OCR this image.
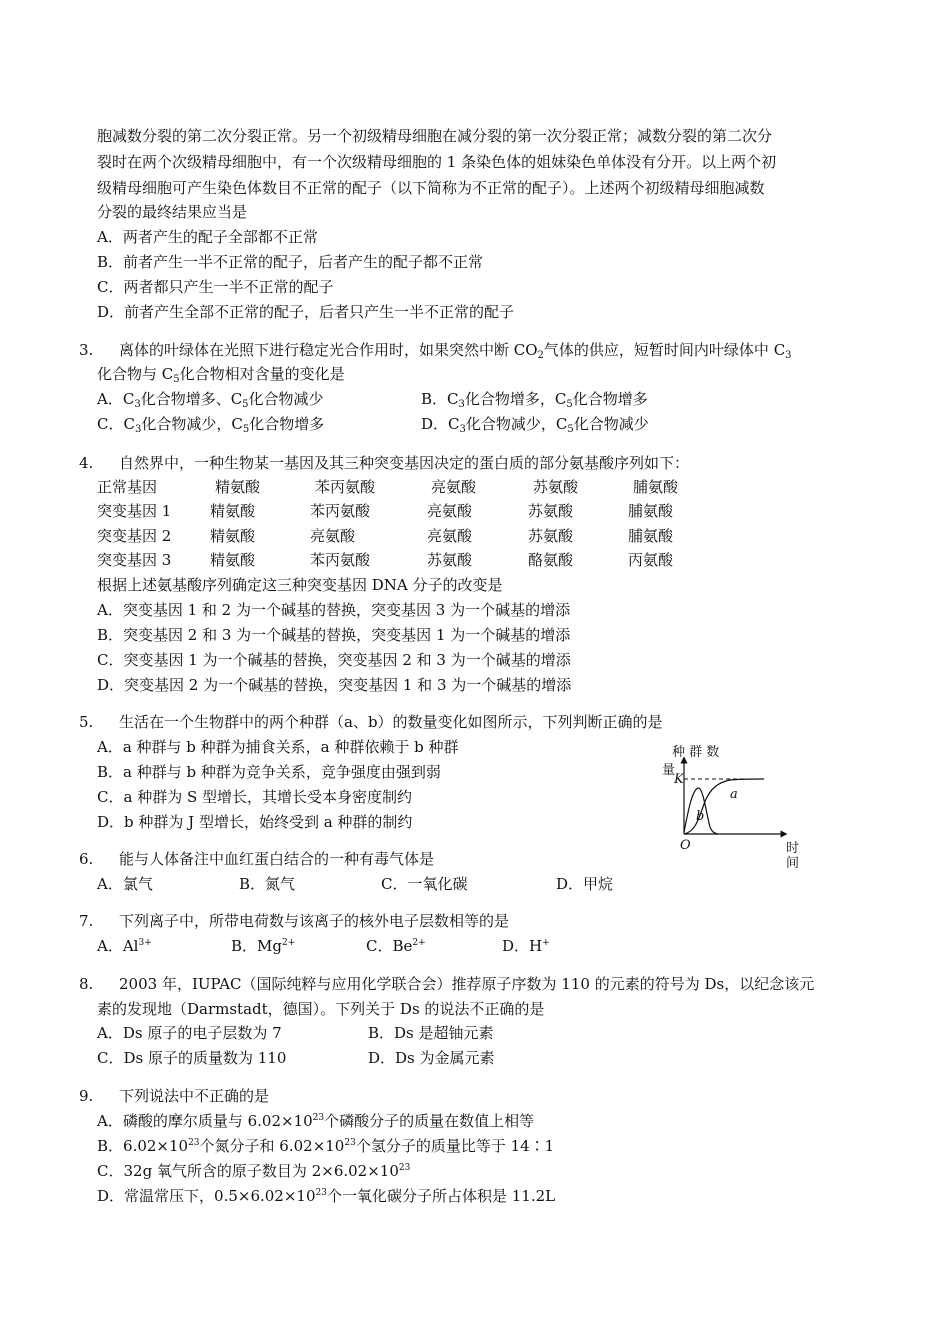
胞减数分裂的第二次分裂正常。另一个初级精母细胞在减分裂的第一次分裂正常；减数分裂的第二次分
裂时在两个次级精母细胞中，有一个次级精母细胞的 1 条染色体的姐妹染色单体没有分开。以上两个初
级精母细胞可产生染色体数目不正常的配子（以下简称为不正常的配子）。上述两个初级精母细胞减数
分裂的最终结果应当是
A．两者产生的配子全部都不正常
B．前者产生一半不正常的配子，后者产生的配子都不正常
C．两者都只产生一半不正常的配子
D．前者产生全部不正常的配子，后者只产生一半不正常的配子
3. 离体的叶绿体在光照下进行稳定光合作用时，如果突然中断 $CO_2$气体的供应，短暂时间内叶绿体中 $C_3$
化合物与 $C_5$化合物相对含量的变化是
A．$C_3$化合物增多、$C_5$化合物减少	B．$C_3$化合物增多，$C_5$化合物增多
C．$C_3$化合物减少，$C_5$化合物增多	D．$C_3$化合物减少，$C_5$化合物减少
4. 自然界中，一种生物某一基因及其三种突变基因决定的蛋白质的部分氨基酸序列如下：
正常基因	精氨酸	苯丙氨酸	亮氨酸	苏氨酸	脯氨酸
突变基因 1	精氨酸	苯丙氨酸	亮氨酸	苏氨酸	脯氨酸
突变基因 2	精氨酸	亮氨酸	亮氨酸	苏氨酸	脯氨酸
突变基因 3	精氨酸	苯丙氨酸	苏氨酸	酪氨酸	丙氨酸
根据上述氨基酸序列确定这三种突变基因 DNA 分子的改变是
A．突变基因 1 和 2 为一个碱基的替换，突变基因 3 为一个碱基的增添
B．突变基因 2 和 3 为一个碱基的替换，突变基因 1 为一个碱基的增添
C．突变基因 1 为一个碱基的替换，突变基因 2 和 3 为一个碱基的增添
D．突变基因 2 为一个碱基的替换，突变基因 1 和 3 为一个碱基的增添
5. 生活在一个生物群中的两个种群（a、b）的数量变化如图所示，下列判断正确的是
A．a 种群与 b 种群为捕食关系，a 种群依赖于 b 种群
B．a 种群与 b 种群为竞争关系，竞争强度由强到弱
C．a 种群为 S 型增长，其增长受本身密度制约
D．b 种群为 J 型增长，始终受到 a 种群的制约
种 群 数
量
K
a
b
O	时
间
6. 能与人体备注中血红蛋白结合的一种有毒气体是
A．氯气	B．氮气	C．一氧化碳	D．甲烷
7. 下列离子中，所带电荷数与该离子的核外电子层数相等的是
A．$Al^{3+}$	B．$Mg^{2+}$	C．$Be^{2+}$	D．H+
8. 2003 年，IUPAC（国际纯粹与应用化学联合会）推荐原子序数为 110 的元素的符号为 Ds，以纪念该元
素的发现地（Darmstadt，德国）。下列关于 Ds 的说法不正确的是
A．Ds 原子的电子层数为 7	B．Ds 是超铀元素
C．Ds 原子的质量数为 110	D．Ds 为金属元素
9. 下列说法中不正确的是
A．磷酸的摩尔质量与 $6.02\times 10^{23}$个磷酸分子的质量在数值上相等
B．$6.02\times 10^{23}$个氮分子和 $6.02\times 10^{23}$个氢分子的质量比等于 14∶1
C．32g 氧气所含的原子数目为 $2\times 6.02\times 10^{23}$
D．常温常压下，$0.5\times 6.02\times 10^{23}$个一氧化碳分子所占体积是 11.2L
